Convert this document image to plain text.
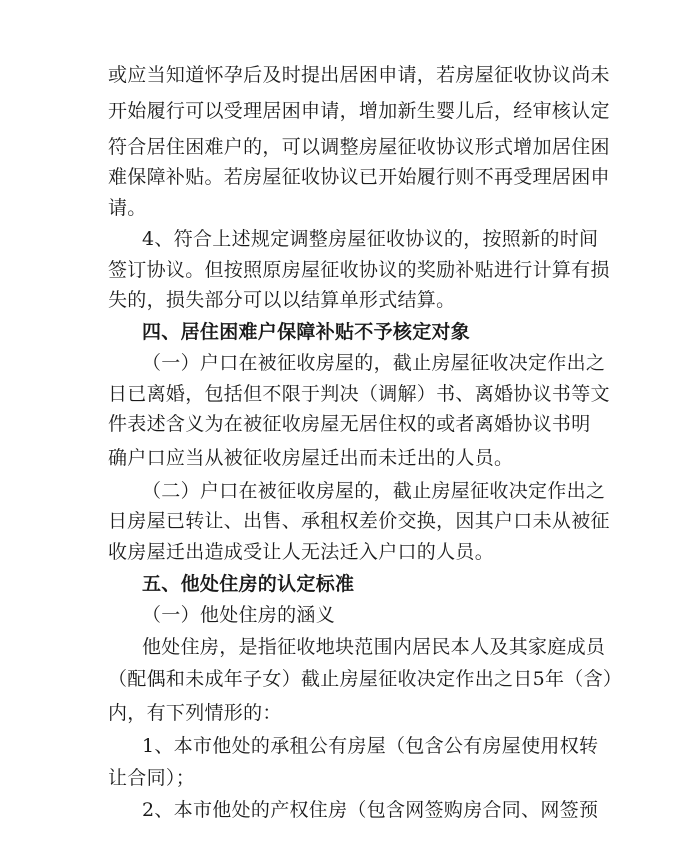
或应当知道怀孕后及时提出居困申请，若房屋征收协议尚未
开始履行可以受理居困申请，增加新生婴儿后，经审核认定
符合居住困难户的，可以调整房屋征收协议形式增加居住困
难保障补贴。若房屋征收协议已开始履行则不再受理居困申
请。
4、符合上述规定调整房屋征收协议的，按照新的时间
签订协议。但按照原房屋征收协议的奖励补贴进行计算有损
失的，损失部分可以以结算单形式结算。
四、居住困难户保障补贴不予核定对象
（一）户口在被征收房屋的，截止房屋征收决定作出之
日已离婚，包括但不限于判决（调解）书、离婚协议书等文
件表述含义为在被征收房屋无居住权的或者离婚协议书明
确户口应当从被征收房屋迁出而未迁出的人员。
（二）户口在被征收房屋的，截止房屋征收决定作出之
日房屋已转让、出售、承租权差价交换，因其户口未从被征
收房屋迁出造成受让人无法迁入户口的人员。
五、他处住房的认定标准
（一）他处住房的涵义
他处住房，是指征收地块范围内居民本人及其家庭成员
（配偶和未成年子女）截止房屋征收决定作出之日5年（含）
内，有下列情形的：
1、本市他处的承租公有房屋（包含公有房屋使用权转
让合同）；
2、本市他处的产权住房（包含网签购房合同、网签预
